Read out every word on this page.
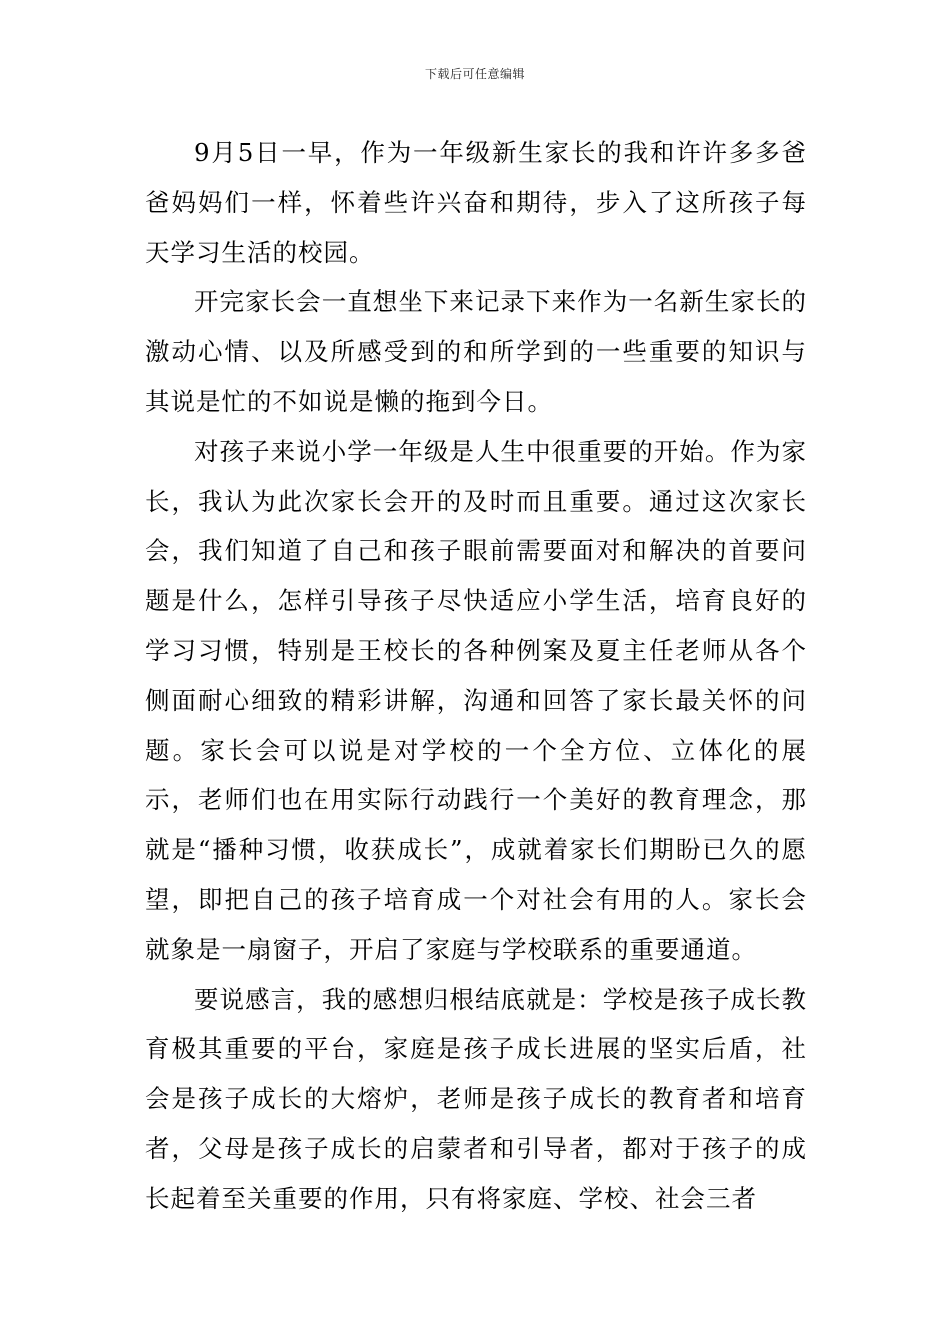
下载后可任意编辑

9月5日一早，作为一年级新生家长的我和许许多多爸爸妈妈们一样，怀着些许兴奋和期待，步入了这所孩子每天学习生活的校园。

开完家长会一直想坐下来记录下来作为一名新生家长的激动心情、以及所感受到的和所学到的一些重要的知识与其说是忙的不如说是懒的拖到今日。

对孩子来说小学一年级是人生中很重要的开始。作为家长，我认为此次家长会开的及时而且重要。通过这次家长会，我们知道了自己和孩子眼前需要面对和解决的首要问题是什么，怎样引导孩子尽快适应小学生活，培育良好的学习习惯，特别是王校长的各种例案及夏主任老师从各个侧面耐心细致的精彩讲解，沟通和回答了家长最关怀的问题。家长会可以说是对学校的一个全方位、立体化的展示，老师们也在用实际行动践行一个美好的教育理念，那就是“播种习惯，收获成长”，成就着家长们期盼已久的愿望，即把自己的孩子培育成一个对社会有用的人。家长会就象是一扇窗子，开启了家庭与学校联系的重要通道。

要说感言，我的感想归根结底就是：学校是孩子成长教育极其重要的平台，家庭是孩子成长进展的坚实后盾，社会是孩子成长的大熔炉，老师是孩子成长的教育者和培育者，父母是孩子成长的启蒙者和引导者，都对于孩子的成长起着至关重要的作用，只有将家庭、学校、社会三者
